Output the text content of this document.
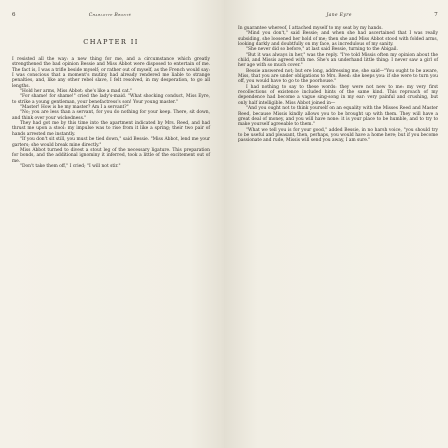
6	Charlotte Brontë
CHAPTER II

I resisted all the way: a new thing for me, and a circumstance which greatly strengthened the bad opinion Bessie and Miss Abbot were disposed to entertain of me. The fact is, I was a trifle beside myself; or rather out of myself, as the French would say: I was conscious that a moment's mutiny had already rendered me liable to strange penalties, and, like any other rebel slave, I felt resolved, in my desperation, to go all lengths.

"Hold her arms, Miss Abbot: she's like a mad cat."

"For shame! for shame!" cried the lady's-maid. "What shocking conduct, Miss Eyre, to strike a young gentleman, your benefactress's son! Your young master."

"Master! How is he my master? Am I a servant?"

"No; you are less than a servant, for you do nothing for your keep. There, sit down, and think over your wickedness."

They had got me by this time into the apartment indicated by Mrs. Reed, and had thrust me upon a stool: my impulse was to rise from it like a spring; their two pair of hands arrested me instantly.

"If you don't sit still, you must be tied down," said Bessie. "Miss Abbot, lend me your garters; she would break mine directly."

Miss Abbot turned to divest a stout leg of the necessary ligature. This preparation for bonds, and the additional ignominy it inferred, took a little of the excitement out of me.

"Don't take them off," I cried; "I will not stir."

Jane Eyre	7

In guarantee whereof, I attached myself to my seat by my hands.

"Mind you don't," said Bessie; and when she had ascertained that I was really subsiding, she loosened her hold of me; then she and Miss Abbot stood with folded arms, looking darkly and doubtfully on my face, as incredulous of my sanity.

"She never did so before," at last said Bessie, turning to the Abigail.

"But it was always in her," was the reply. "I've told Missis often my opinion about the child, and Missis agreed with me. She's an underhand little thing: I never saw a girl of her age with so much cover."

Bessie answered not; but ere long, addressing me, she said—"You ought to be aware, Miss, that you are under obligations to Mrs. Reed: she keeps you: if she were to turn you off, you would have to go to the poorhouse."

I had nothing to say to these words: they were not new to me: my very first recollections of existence included hints of the same kind. This reproach of my dependence had become a vague sing-song in my ear: very painful and crushing, but only half intelligible. Miss Abbot joined in—

"And you ought not to think yourself on an equality with the Misses Reed and Master Reed, because Missis kindly allows you to be brought up with them. They will have a great deal of money, and you will have none: it is your place to be humble, and to try to make yourself agreeable to them."

"What we tell you is for your good," added Bessie, in no harsh voice, "you should try to be useful and pleasant, then, perhaps, you would have a home here; but if you become passionate and rude, Missis will send you away, I am sure."
